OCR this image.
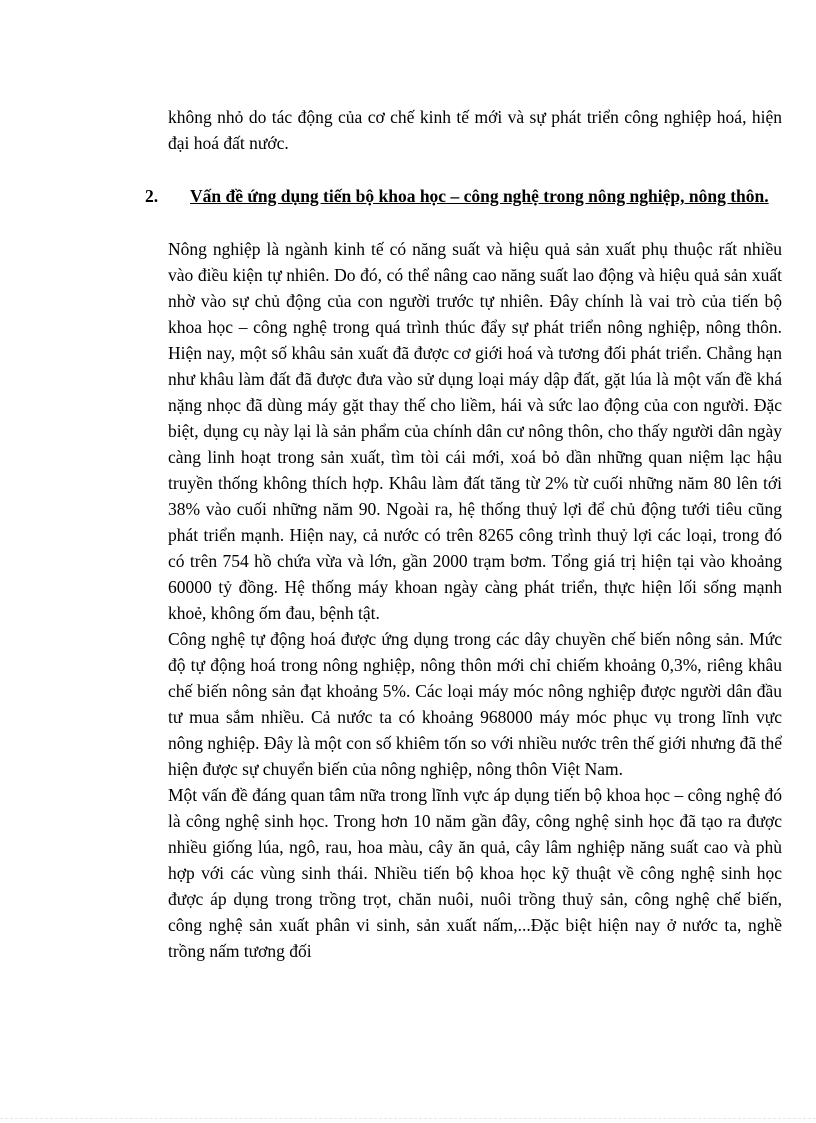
không nhỏ do tác động của cơ chế kinh tế mới và sự phát triển công nghiệp hoá, hiện đại hoá đất nước.
2. Vấn đề ứng dụng tiến bộ khoa học – công nghệ trong nông nghiệp, nông thôn.

Nông nghiệp là ngành kinh tế có năng suất và hiệu quả sản xuất phụ thuộc rất nhiều vào điều kiện tự nhiên. Do đó, có thể nâng cao năng suất lao động và hiệu quả sản xuất nhờ vào sự chủ động của con người trước tự nhiên. Đây chính là vai trò của tiến bộ khoa học – công nghệ trong quá trình thúc đẩy sự phát triển nông nghiệp, nông thôn. Hiện nay, một số khâu sản xuất đã được cơ giới hoá và tương đối phát triển. Chẳng hạn như khâu làm đất đã được đưa vào sử dụng loại máy dập đất, gặt lúa là một vấn đề khá nặng nhọc đã dùng máy gặt thay thế cho liềm, hái và sức lao động của con người. Đặc biệt, dụng cụ này lại là sản phẩm của chính dân cư nông thôn, cho thấy người dân ngày càng linh hoạt trong sản xuất, tìm tòi cái mới, xoá bỏ dần những quan niệm lạc hậu truyền thống không thích hợp. Khâu làm đất tăng từ 2% từ cuối những năm 80 lên tới 38% vào cuối những năm 90. Ngoài ra, hệ thống thuỷ lợi để chủ động tưới tiêu cũng phát triển mạnh. Hiện nay, cả nước có trên 8265 công trình thuỷ lợi các loại, trong đó có trên 754 hồ chứa vừa và lớn, gần 2000 trạm bơm. Tổng giá trị hiện tại vào khoảng 60000 tỷ đồng. Hệ thống máy khoan ngày càng phát triển, thực hiện lối sống mạnh khoẻ, không ốm đau, bệnh tật.

Công nghệ tự động hoá được ứng dụng trong các dây chuyền chế biến nông sản. Mức độ tự động hoá trong nông nghiệp, nông thôn mới chỉ chiếm khoảng 0,3%, riêng khâu chế biến nông sản đạt khoảng 5%. Các loại máy móc nông nghiệp được người dân đầu tư mua sắm nhiều. Cả nước ta có khoảng 968000 máy móc phục vụ trong lĩnh vực nông nghiệp. Đây là một con số khiêm tốn so với nhiều nước trên thế giới nhưng đã thể hiện được sự chuyển biến của nông nghiệp, nông thôn Việt Nam.

Một vấn đề đáng quan tâm nữa trong lĩnh vực áp dụng tiến bộ khoa học – công nghệ đó là công nghệ sinh học. Trong hơn 10 năm gần đây, công nghệ sinh học đã tạo ra được nhiều giống lúa, ngô, rau, hoa màu, cây ăn quả, cây lâm nghiệp năng suất cao và phù hợp với các vùng sinh thái. Nhiều tiến bộ khoa học kỹ thuật về công nghệ sinh học được áp dụng trong trồng trọt, chăn nuôi, nuôi trồng thuỷ sản, công nghệ chế biến, công nghệ sản xuất phân vi sinh, sản xuất nấm,...Đặc biệt hiện nay ở nước ta, nghề trồng nấm tương đối
